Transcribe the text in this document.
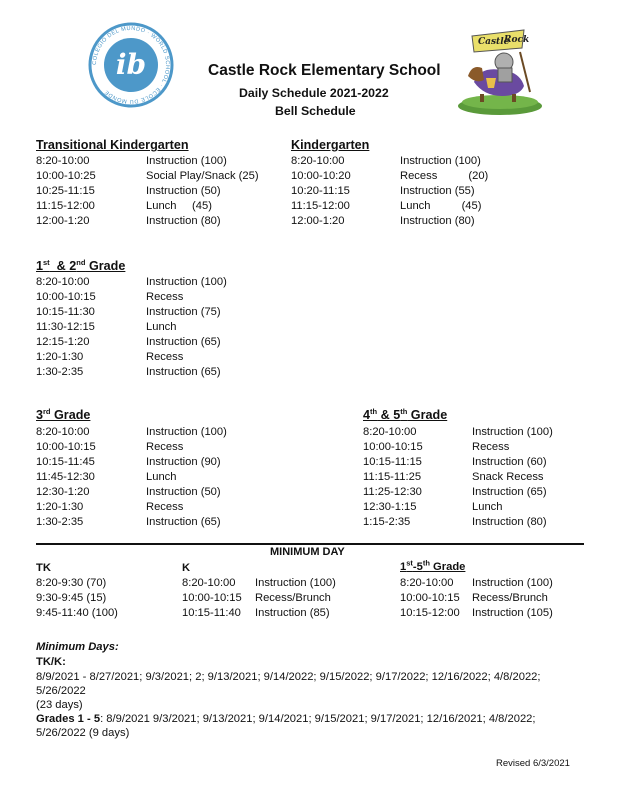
ib
COLEGIO DEL MUNDO · WORLD SCHOOL · ÉCOLE DU MONDE
Castle Rock Elementary School
Daily Schedule 2021-2022
Bell Schedule
Castle
Rock
Transitional Kindergarten
8:20-10:00	Instruction (100)
10:00-10:25	Social Play/Snack (25)
10:25-11:15	Instruction (50)
11:15-12:00	Lunch     (45)
12:00-1:20	Instruction (80)
Kindergarten
8:20-10:00	Instruction (100)
10:00-10:20	Recess          (20)
10:20-11:15	Instruction (55)
11:15-12:00	Lunch          (45)
12:00-1:20	Instruction (80)
1st  & 2nd Grade
8:20-10:00	Instruction (100)
10:00-10:15	Recess
10:15-11:30	Instruction (75)
11:30-12:15	Lunch
12:15-1:20	Instruction (65)
1:20-1:30	Recess
1:30-2:35	Instruction (65)
3rd Grade
8:20-10:00	Instruction (100)
10:00-10:15	Recess
10:15-11:45	Instruction (90)
11:45-12:30	Lunch
12:30-1:20	Instruction (50)
1:20-1:30	Recess
1:30-2:35	Instruction (65)
4th & 5th Grade
8:20-10:00	Instruction (100)
10:00-10:15	Recess
10:15-11:15	Instruction (60)
11:15-11:25	Snack Recess
11:25-12:30	Instruction (65)
12:30-1:15	Lunch
1:15-2:35	Instruction (80)
MINIMUM DAY
TK
8:20-9:30 (70)
9:30-9:45 (15)
9:45-11:40 (100)
K
8:20-10:00 Instruction (100)
10:00-10:15 Recess/Brunch
10:15-11:40 Instruction (85)
1st-5th Grade
8:20-10:00 Instruction (100)
10:00-10:15 Recess/Brunch
10:15-12:00 Instruction (105)
Minimum Days:
TK/K:
8/9/2021 - 8/27/2021; 9/3/2021; 2; 9/13/2021; 9/14/2022; 9/15/2022; 9/17/2022; 12/16/2022; 4/8/2022;
5/26/2022
(23 days)
Grades 1 - 5: 8/9/2021 9/3/2021; 9/13/2021; 9/14/2021; 9/15/2021; 9/17/2021; 12/16/2021; 4/8/2022;
5/26/2022 (9 days)
Revised 6/3/2021
